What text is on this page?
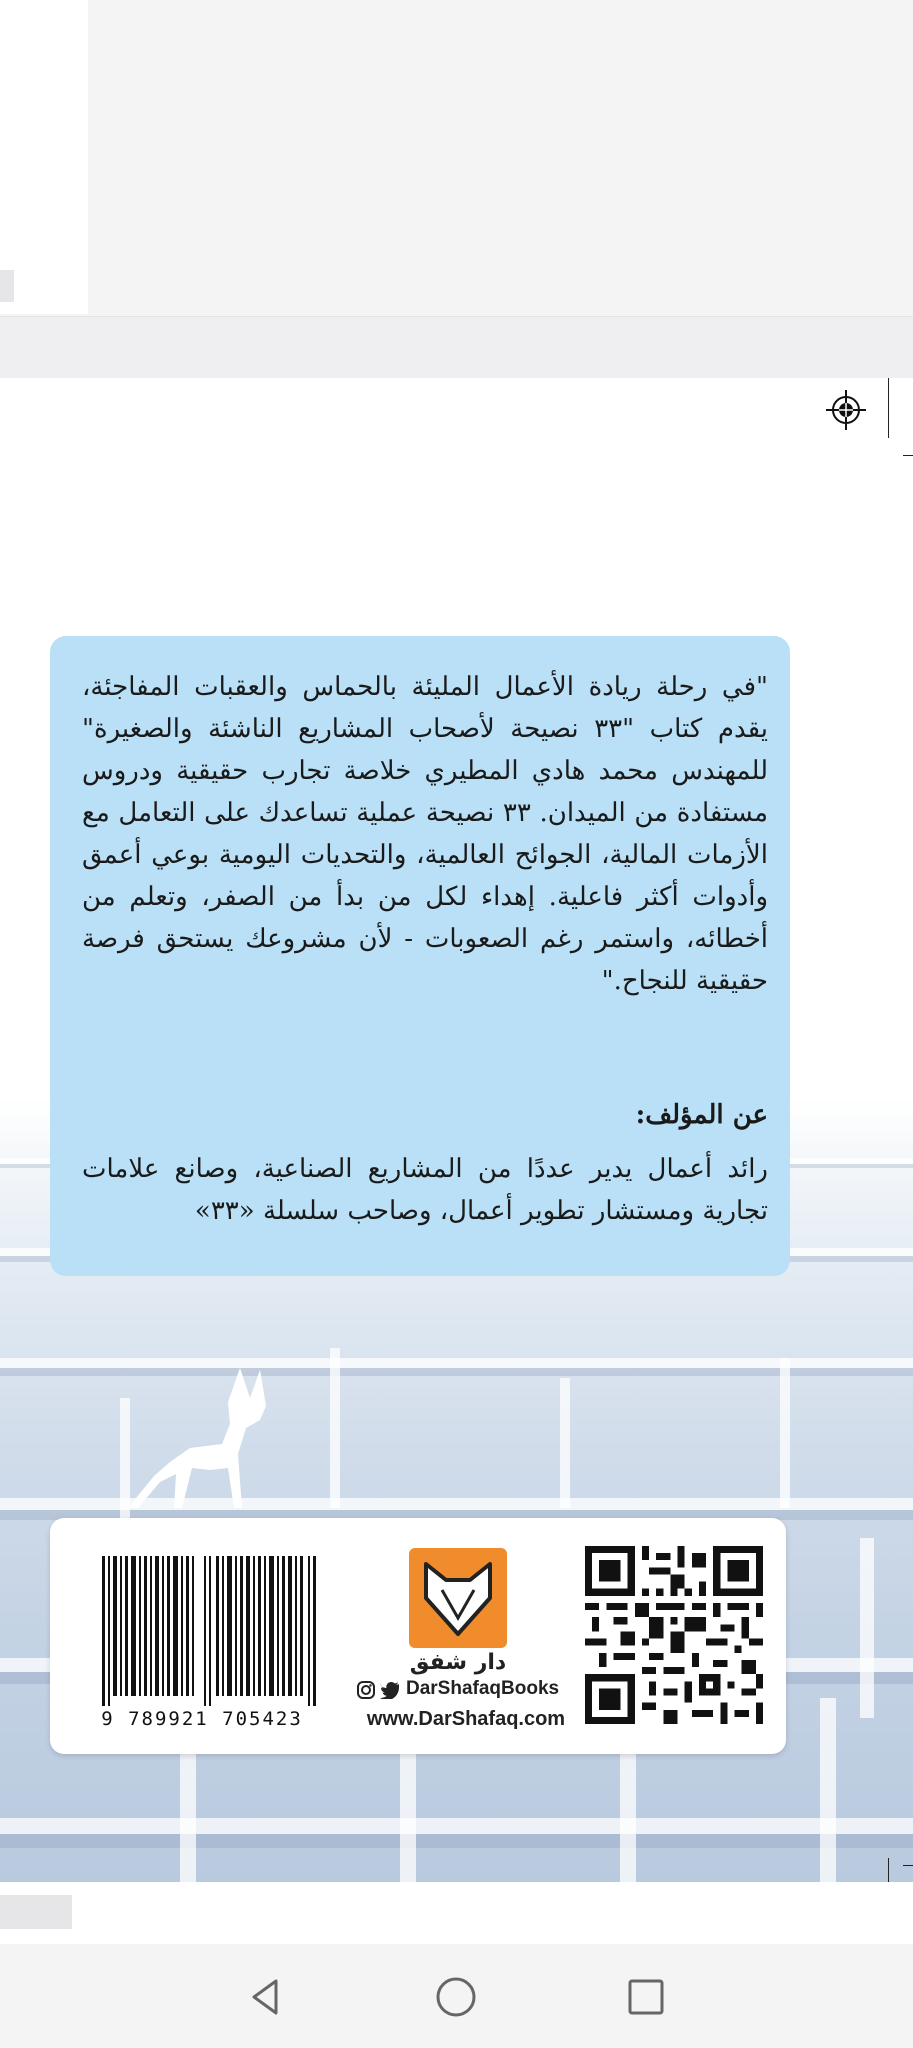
"في رحلة ريادة الأعمال المليئة بالحماس والعقبات المفاجئة، يقدم كتاب "٣٣ نصيحة لأصحاب المشاريع الناشئة والصغيرة" للمهندس محمد هادي المطيري خلاصة تجارب حقيقية ودروس مستفادة من الميدان. ٣٣ نصيحة عملية تساعدك على التعامل مع الأزمات المالية، الجوائح العالمية، والتحديات اليومية بوعي أعمق وأدوات أكثر فاعلية. إهداء لكل من بدأ من الصفر، وتعلم من أخطائه، واستمر رغم الصعوبات - لأن مشروعك يستحق فرصة حقيقية للنجاح."
عن المؤلف:
رائد أعمال يدير عددًا من المشاريع الصناعية، وصانع علامات تجارية ومستشار تطوير أعمال، وصاحب سلسلة «٣٣»
9 789921 705423
دار شفق
DarShafaqBooks
www.DarShafaq.com
